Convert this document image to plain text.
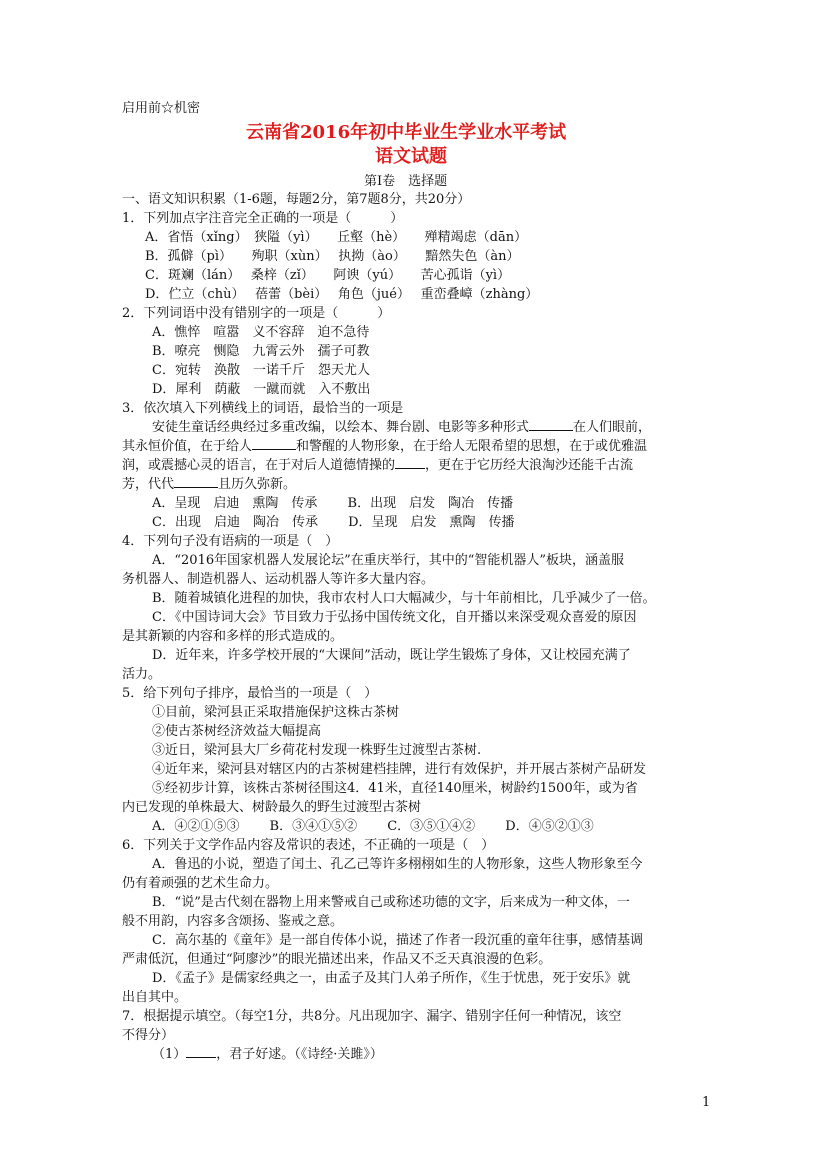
启用前☆机密
云南省2016年初中毕业生学业水平考试
语文试题
第Ⅰ卷　选择题
一、语文知识积累（1-6题，每题2分，第7题8分，共20分）
1．下列加点字注音完全正确的一项是（　　　）
A．省悟（xǐng）　狭隘（yì）　　丘壑（hè）　　殚精竭虑（dān）
B．孤僻（pì）　　殉职（xùn）　 执拗（ào）　　黯然失色（àn）
C．斑斓（lán）　 桑梓（zǐ）　　阿谀（yú）　　苦心孤诣（yì）
D．伫立（chù）　 蓓蕾（bèi）　 角色（jué）　 重峦叠嶂（zhàng）
2．下列词语中没有错别字的一项是（　　　）
A．憔悴　喧嚣　义不容辞　迫不急待
B．嘹亮　恻隐　九霄云外　孺子可教
C．宛转　涣散　一诺千斤　怨天尤人
D．犀利　荫蔽　一蹴而就　入不敷出
3．依次填入下列横线上的词语，最恰当的一项是
安徒生童话经典经过多重改编，以绘本、舞台剧、电影等多种形式	在人们眼前，
其永恒价值，在于给人	和警醒的人物形象，在于给人无限希望的思想，在于或优雅温
润，或震撼心灵的语言，在于对后人道德情操的 ，更在于它历经大浪淘沙还能千古流
芳，代代	且历久弥新。
A．呈现　启迪　熏陶　传承　　 B．出现　启发　陶冶　传播
C．出现　启迪　陶冶　传承　　 D．呈现　启发　熏陶　传播
4．下列句子没有语病的一项是（　）
A．“2016年国家机器人发展论坛”在重庆举行，其中的“智能机器人”板块，涵盖服
务机器人、制造机器人、运动机器人等许多大量内容。
B．随着城镇化进程的加快，我市农村人口大幅减少，与十年前相比，几乎减少了一倍。
C．《中国诗词大会》节目致力于弘扬中国传统文化，自开播以来深受观众喜爱的原因
是其新颖的内容和多样的形式造成的。
D．近年来，许多学校开展的“大课间”活动，既让学生锻炼了身体，又让校园充满了
活力。
5．给下列句子排序，最恰当的一项是（　）
①目前，梁河县正采取措施保护这株古茶树
②使古茶树经济效益大幅提高
③近日，梁河县大厂乡荷花村发现一株野生过渡型古茶树.
④近年来，梁河县对辖区内的古茶树建档挂牌，进行有效保护，并开展古茶树产品研发
⑤经初步计算，该株古茶树径围这4．41米，直径140厘米，树龄约1500年，或为省
内已发现的单株最大、树龄最久的野生过渡型古茶树
A．④②①⑤③　　 B．③④①⑤②　　 C．③⑤①④②　　 D．④⑤②①③
6．下列关于文学作品内容及常识的表述，不正确的一项是（　）
A．鲁迅的小说，塑造了闰土、孔乙己等许多栩栩如生的人物形象，这些人物形象至今
仍有着顽强的艺术生命力。
B．“说”是古代刻在器物上用来警戒自己或称述功德的文字，后来成为一种文体，一
般不用韵，内容多含颂扬、鉴戒之意。
C．高尔基的《童年》是一部自传体小说，描述了作者一段沉重的童年往事，感情基调
严肃低沉，但通过“阿廖沙”的眼光描述出来，作品又不乏天真浪漫的色彩。
D．《孟子》是儒家经典之一，由孟子及其门人弟子所作，《生于忧患，死于安乐》就
出自其中。
7．根据提示填空。（每空1分，共8分。凡出现加字、漏字、错别字任何一种情况，该空
不得分）
（1） ，君子好逑。（《诗经·关雎》）
1
